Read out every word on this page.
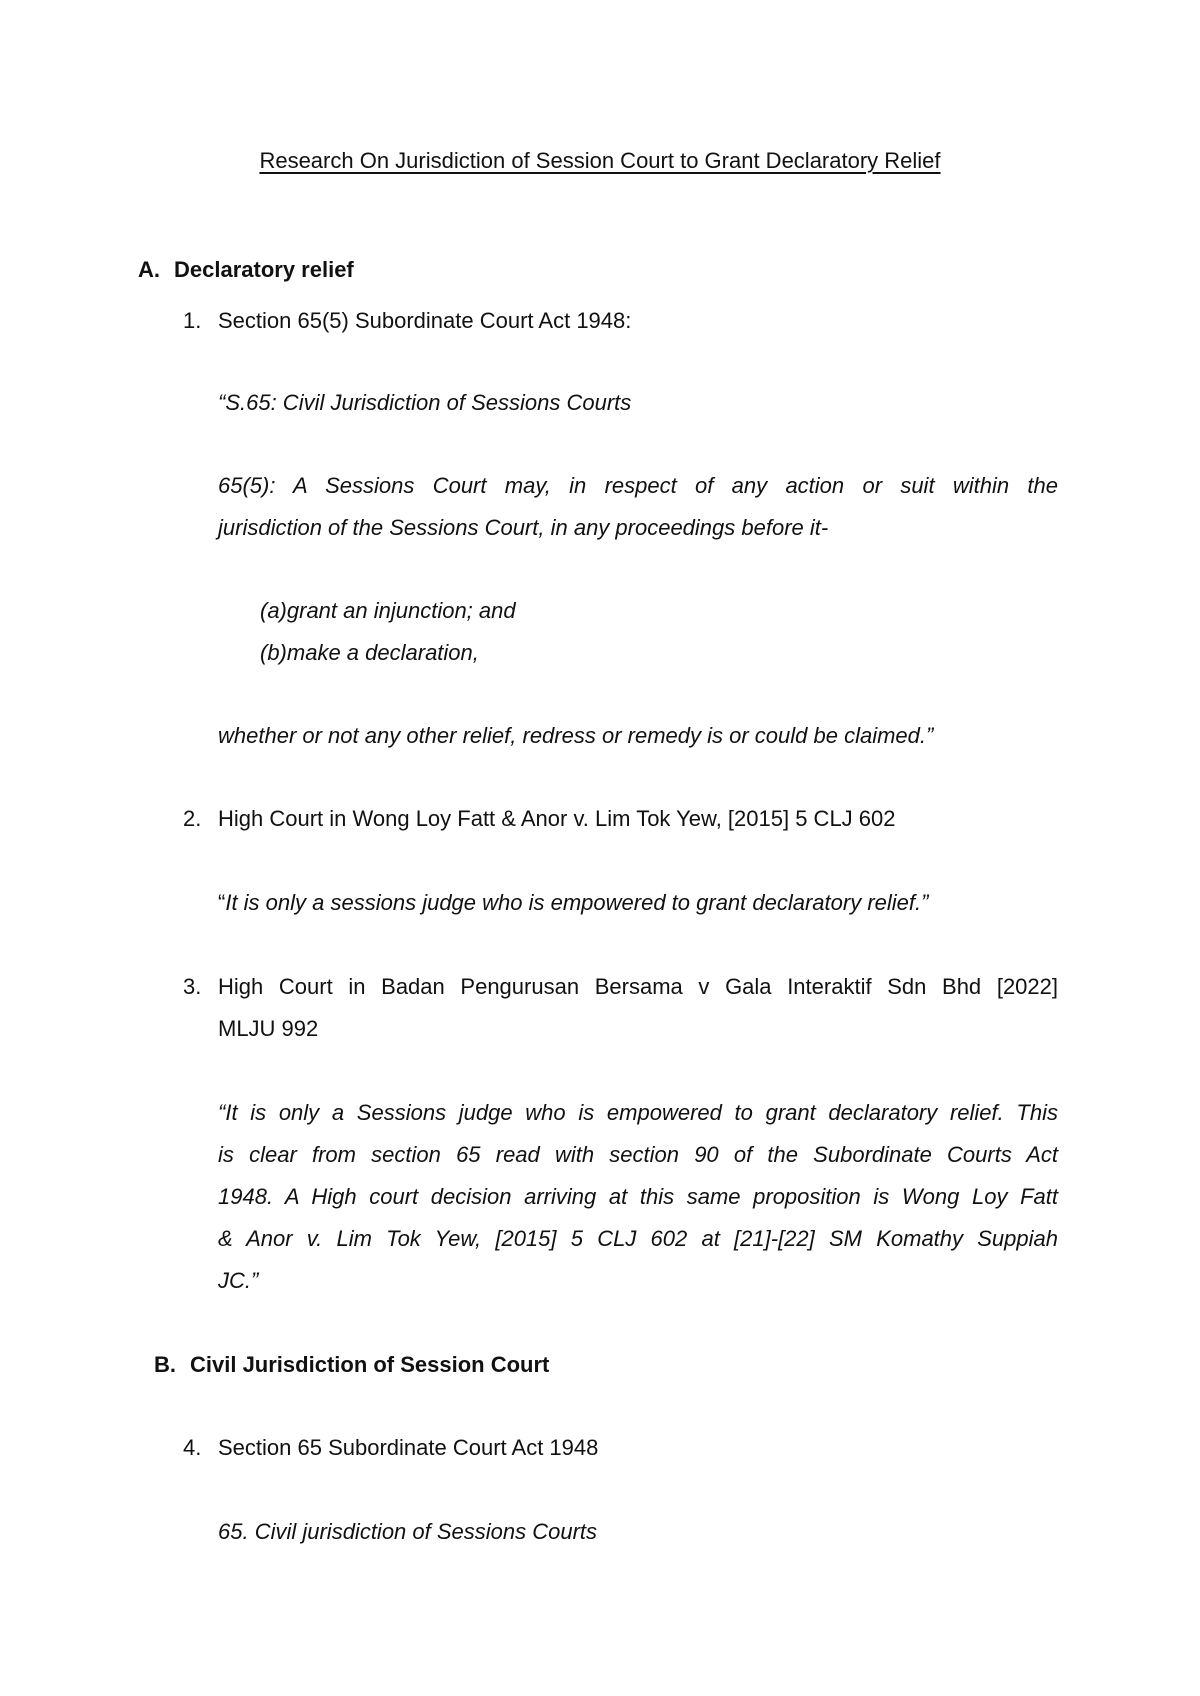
Research On Jurisdiction of Session Court to Grant Declaratory Relief
A. Declaratory relief
1. Section 65(5) Subordinate Court Act 1948:
“S.65: Civil Jurisdiction of Sessions Courts
65(5): A Sessions Court may, in respect of any action or suit within the
jurisdiction of the Sessions Court, in any proceedings before it-
(a)grant an injunction; and
(b)make a declaration,
whether or not any other relief, redress or remedy is or could be claimed.”
2. High Court in Wong Loy Fatt & Anor v. Lim Tok Yew, [2015] 5 CLJ 602
“It is only a sessions judge who is empowered to grant declaratory relief.”
3. High Court in Badan Pengurusan Bersama v Gala Interaktif Sdn Bhd [2022]
MLJU 992
“It is only a Sessions judge who is empowered to grant declaratory relief. This
is clear from section 65 read with section 90 of the Subordinate Courts Act
1948. A High court decision arriving at this same proposition is Wong Loy Fatt
& Anor v. Lim Tok Yew, [2015] 5 CLJ 602 at [21]-[22] SM Komathy Suppiah
JC.”
B. Civil Jurisdiction of Session Court
4. Section 65 Subordinate Court Act 1948
65. Civil jurisdiction of Sessions Courts
